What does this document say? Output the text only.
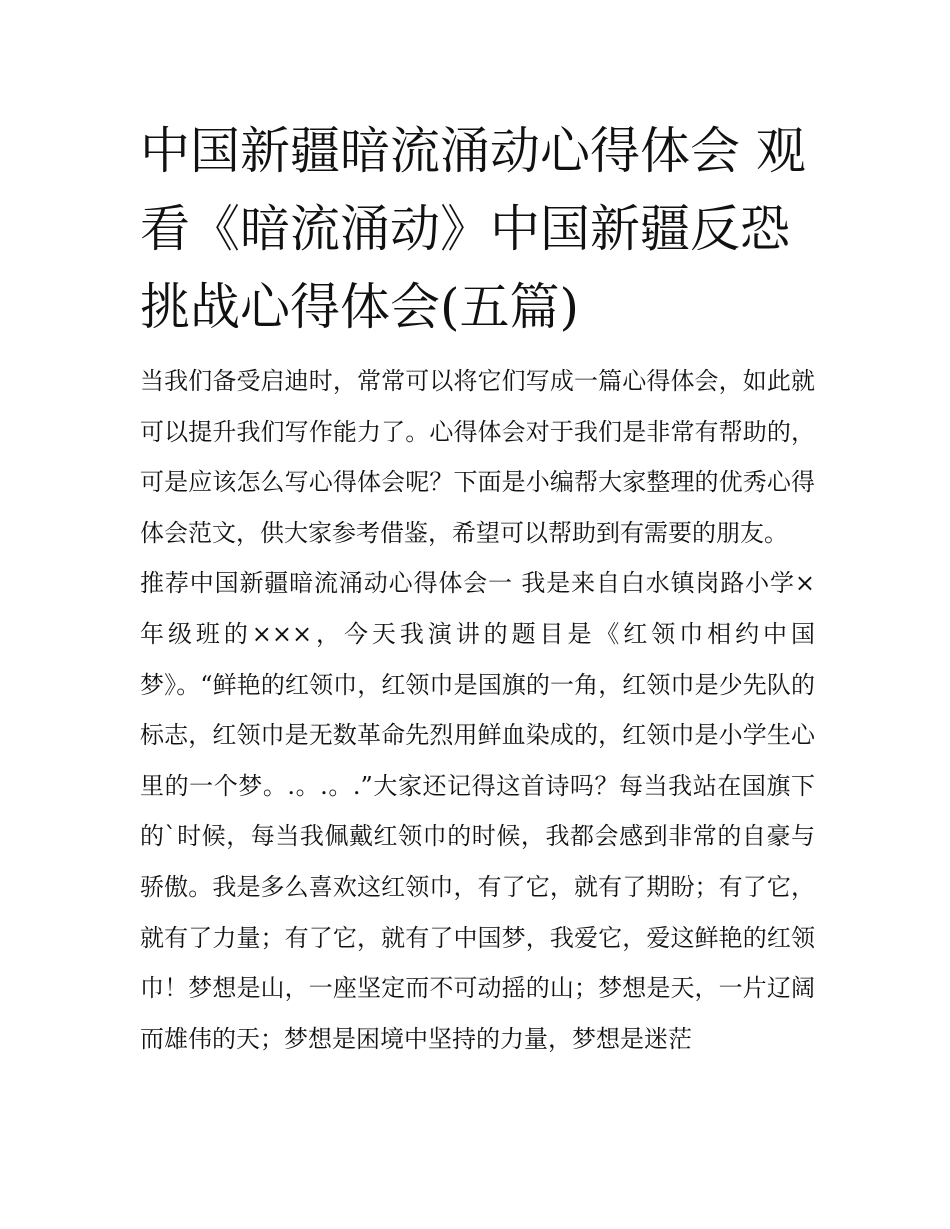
中国新疆暗流涌动心得体会 观看《暗流涌动》中国新疆反恐挑战心得体会(五篇)

当我们备受启迪时，常常可以将它们写成一篇心得体会，如此就可以提升我们写作能力了。心得体会对于我们是非常有帮助的，可是应该怎么写心得体会呢？下面是小编帮大家整理的优秀心得体会范文，供大家参考借鉴，希望可以帮助到有需要的朋友。

推荐中国新疆暗流涌动心得体会一 我是来自白水镇岗路小学×年级班的×××，今天我演讲的题目是《红领巾相约中国梦》。“鲜艳的红领巾，红领巾是国旗的一角，红领巾是少先队的标志，红领巾是无数革命先烈用鲜血染成的，红领巾是小学生心里的一个梦。.。.。.”大家还记得这首诗吗？每当我站在国旗下的`时候，每当我佩戴红领巾的时候，我都会感到非常的自豪与骄傲。我是多么喜欢这红领巾，有了它，就有了期盼；有了它，就有了力量；有了它，就有了中国梦，我爱它，爱这鲜艳的红领巾！梦想是山，一座坚定而不可动摇的山；梦想是天，一片辽阔而雄伟的天；梦想是困境中坚持的力量，梦想是迷茫
